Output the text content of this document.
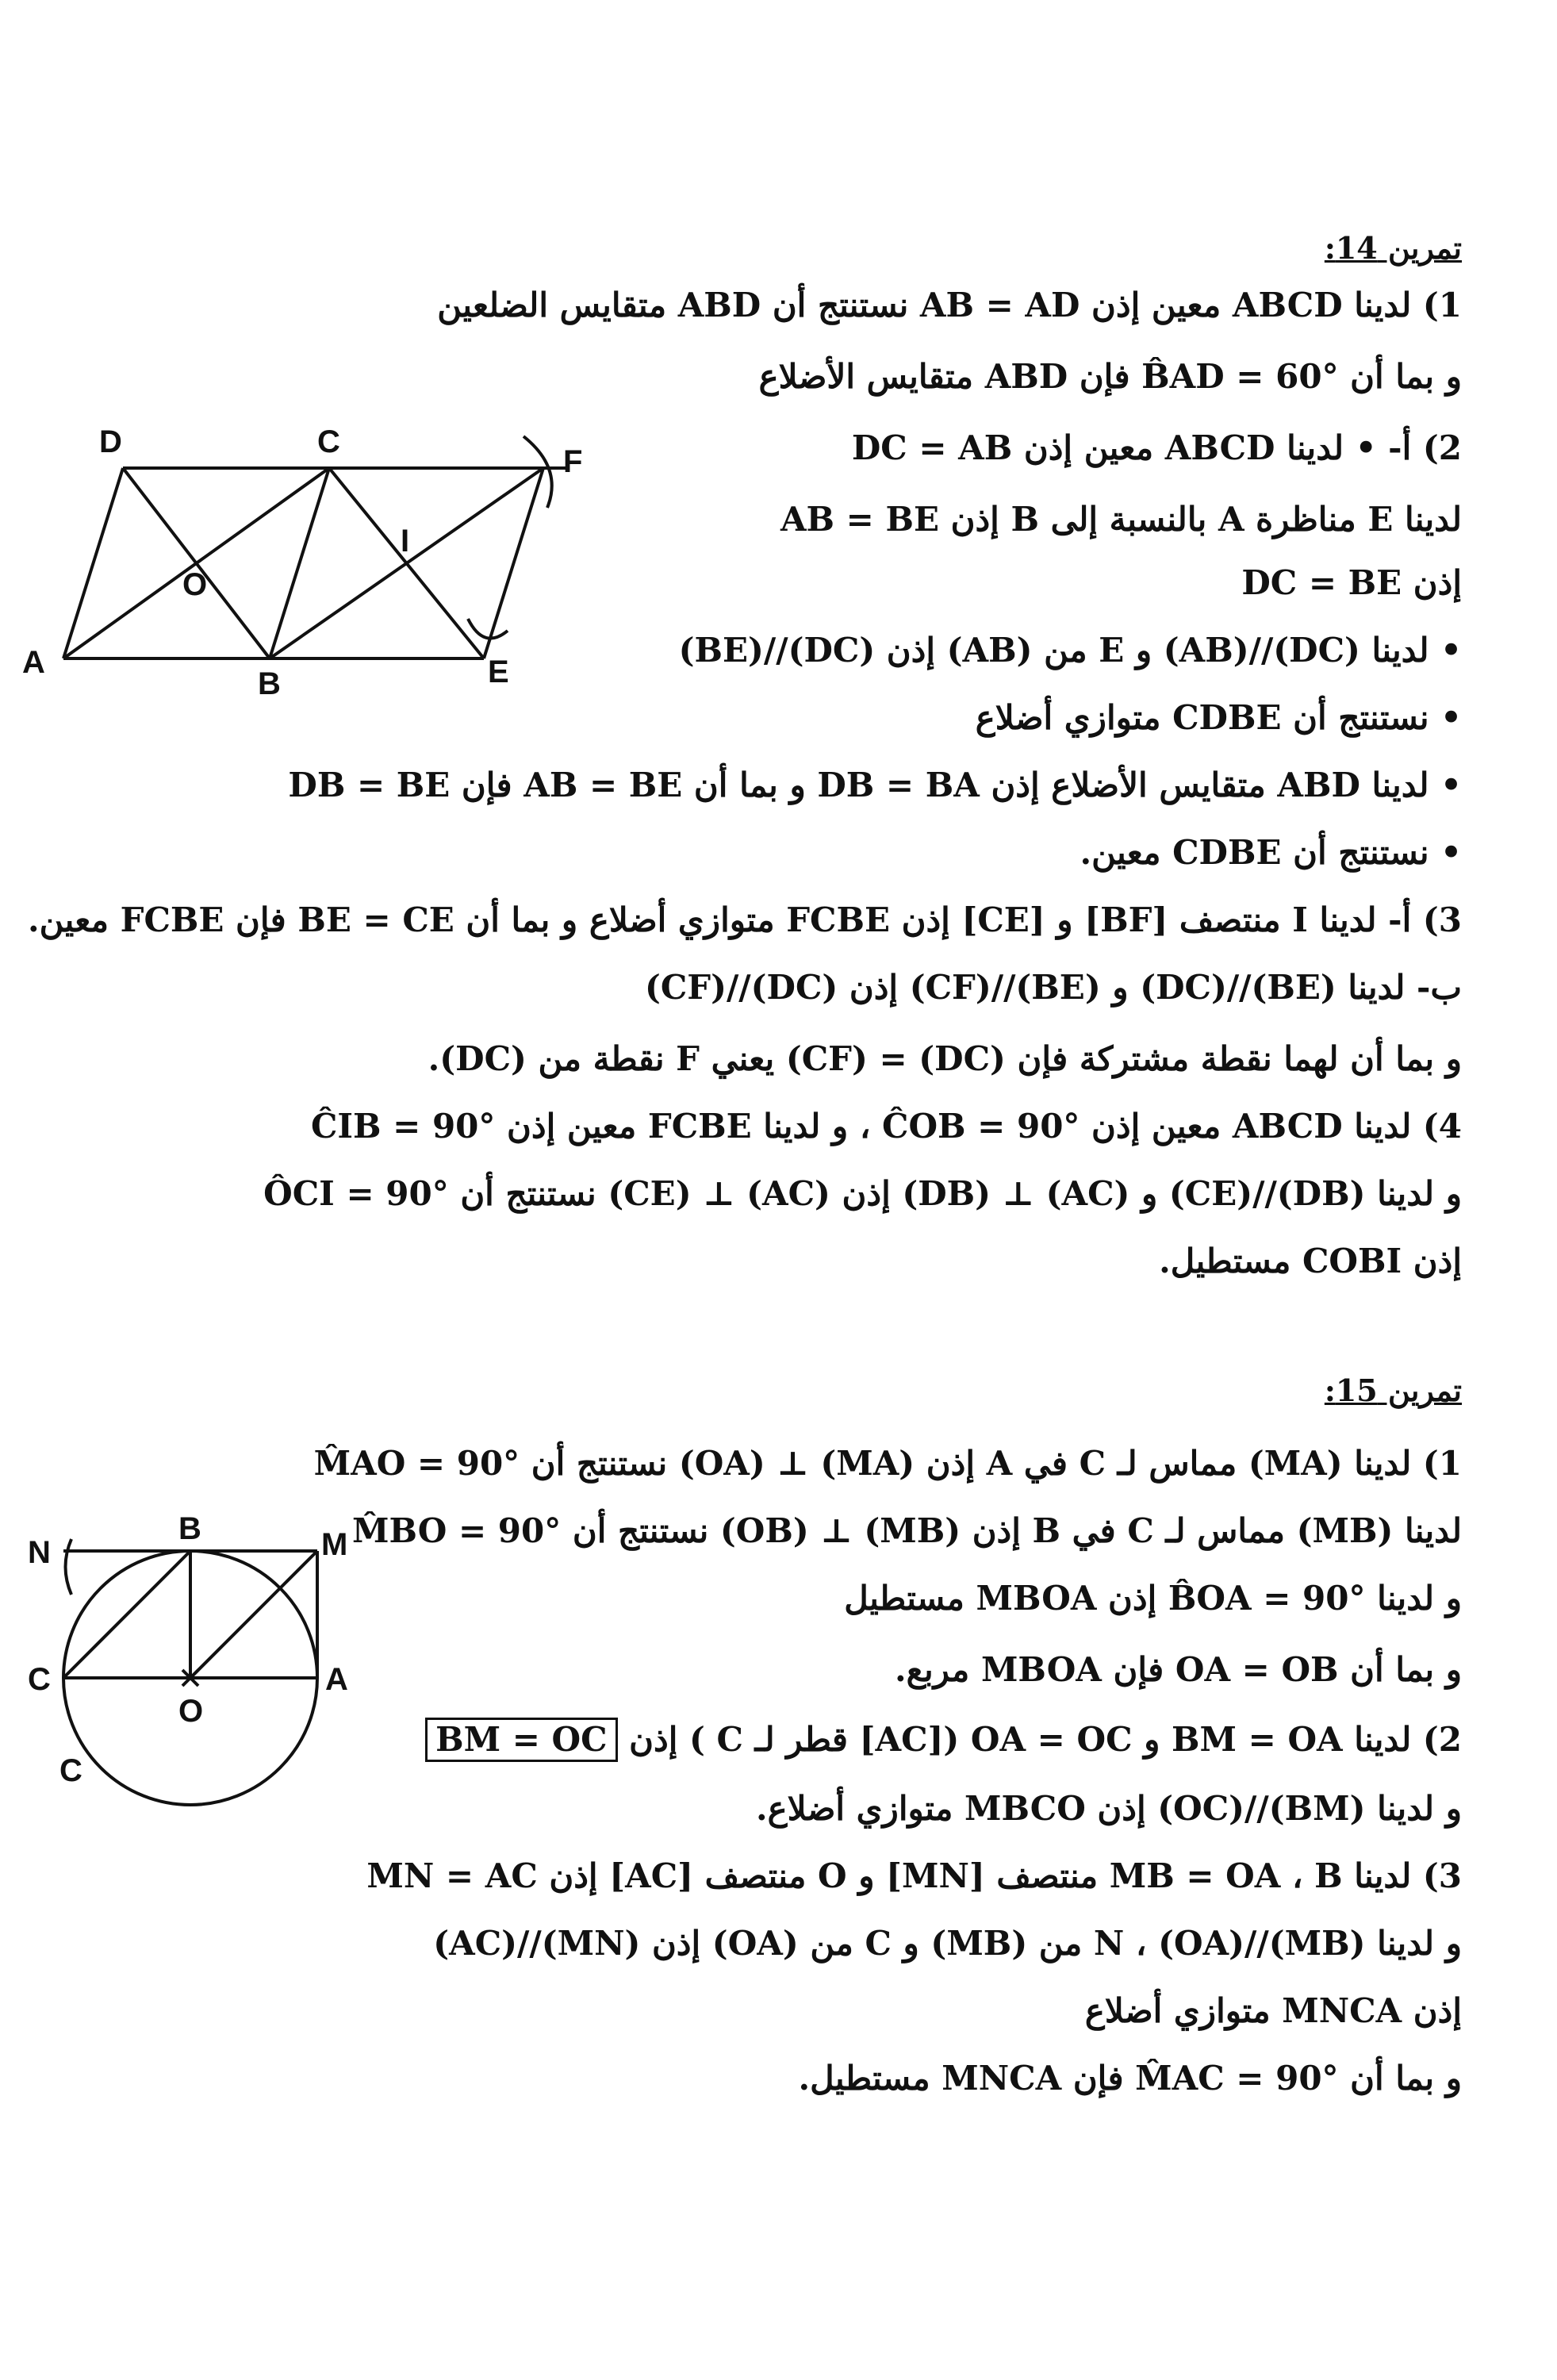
تمرين 14:
1) لدينا ABCD معين إذن AB = AD نستنتج أن ABD متقايس الضلعين
و بما أن B̂AD = 60° فإن ABD متقايس الأضلاع
2) أ- • لدينا ABCD معين إذن DC = AB
لدينا E مناظرة A بالنسبة إلى B إذن AB = BE
إذن DC = BE
• لدينا (DC)//(AB) و E من (AB) إذن (DC)//(BE)
• نستنتج أن CDBE متوازي أضلاع
• لدينا ABD متقايس الأضلاع إذن DB = BA و بما أن AB = BE فإن DB = BE
• نستنتج أن CDBE معين.
3) أ- لدينا I منتصف [BF] و [CE] إذن FCBE متوازي أضلاع و بما أن BE = CE فإن FCBE معين.
ب- لدينا (BE)//(DC) و (BE)//(CF) إذن (DC)//(CF)
و بما أن لهما نقطة مشتركة فإن (DC) = (CF) يعني F نقطة من (DC).
4) لدينا ABCD معين إذن ĈOB = 90° ، و لدينا FCBE معين إذن ĈIB = 90°
و لدينا (DB)//(CE) و (AC) ⊥ (DB) إذن (AC) ⊥ (CE) نستنتج أن ÔCI = 90°
إذن COBI مستطيل.
A
B
C
D
E
F
O
I
تمرين 15:
1) لدينا (MA) مماس لـ C في A إذن (MA) ⊥ (OA) نستنتج أن M̂AO = 90°
لدينا (MB) مماس لـ C في B إذن (MB) ⊥ (OB) نستنتج أن M̂BO = 90°
و لدينا B̂OA = 90° إذن MBOA مستطيل
و بما أن OA = OB فإن MBOA مربع.
2) لدينا BM = OA و OA = OC ([AC] قطر لـ C ) إذن BM = OC
و لدينا (BM)//(OC) إذن MBCO متوازي أضلاع.
3) لدينا MB = OA ، B منتصف [MN] و O منتصف [AC] إذن MN = AC
و لدينا (MB)//(OA) ، N من (MB) و C من (OA) إذن (MN)//(AC)
إذن MNCA متوازي أضلاع
و بما أن M̂AC = 90° فإن MNCA مستطيل.
N
B	M
C
O
A
C
